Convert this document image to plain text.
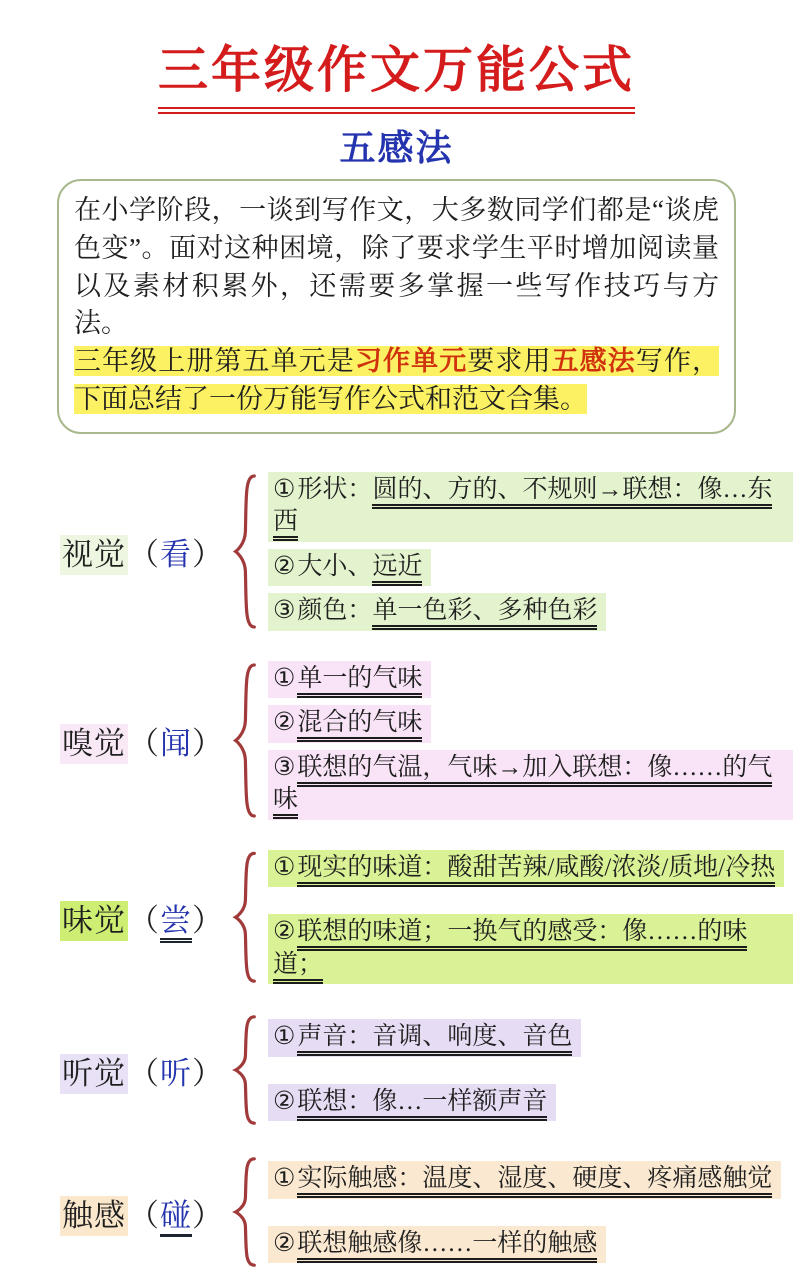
三年级作文万能公式
五感法

在小学阶段，一谈到写作文，大多数同学们都是“谈虎色变”。面对这种困境，除了要求学生平时增加阅读量以及素材积累外，还需要多掌握一些写作技巧与方法。

三年级上册第五单元是习作单元要求用五感法写作，下面总结了一份万能写作公式和范文合集。

视觉（看）
①形状：圆的、方的、不规则→联想：像…东西
②大小、远近
③颜色：单一色彩、多种色彩
嗅觉（闻）
①单一的气味
②混合的气味
③联想的气温，气味→加入联想：像……的气味
味觉（尝）
①现实的味道：酸甜苦辣/咸酸/浓淡/质地/冷热
②联想的味道；一换气的感受：像……的味道；
听觉（听）
①声音：音调、响度、音色
②联想：像…一样额声音
触感（碰）
①实际触感：温度、湿度、硬度、疼痛感触觉
②联想触感像……一样的触感
